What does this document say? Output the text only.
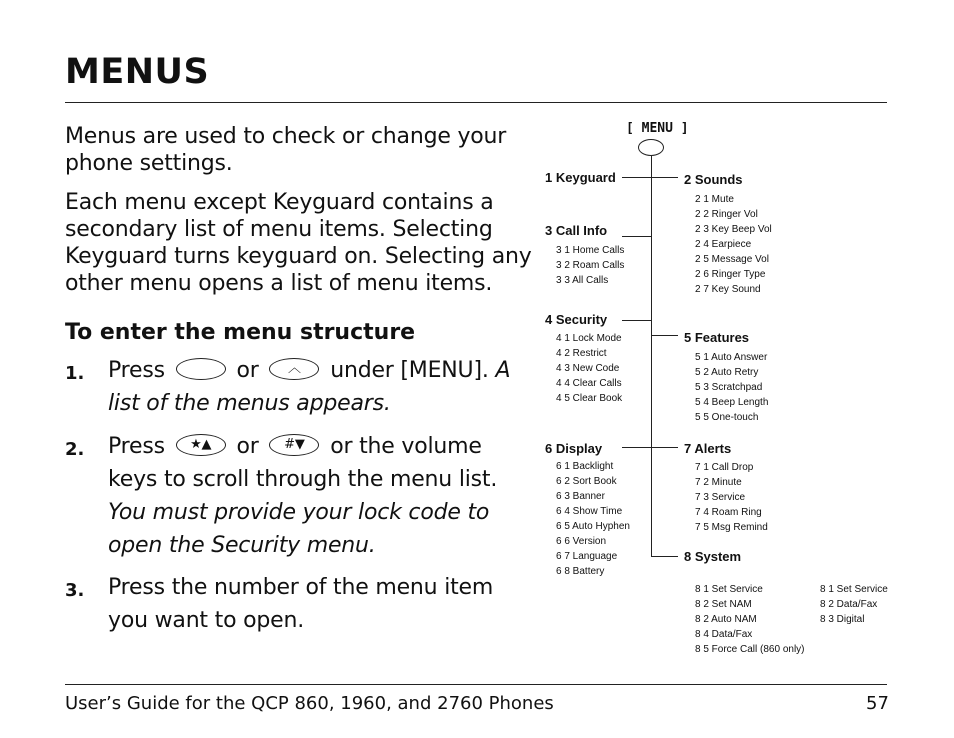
MENUS
Menus are used to check or change your phone settings.
Each menu except Keyguard contains a secondary list of menu items. Selecting Keyguard turns keyguard on. Selecting any other menu opens a list of menu items.
To enter the menu structure
1. Press	or ︿ under [MENU]. A list of the menus appears.
2. Press ★▲ or #▼ or the volume keys to scroll through the menu list. You must provide your lock code to open the Security menu.
3. Press the number of the menu item you want to open.
[ MENU ]
1 Keyguard
3 Call Info
3 1 Home Calls
3 2 Roam Calls
3 3 All Calls
4 Security
4 1 Lock Mode
4 2 Restrict
4 3 New Code
4 4 Clear Calls
4 5 Clear Book
6 Display
6 1 Backlight
6 2 Sort Book
6 3 Banner
6 4 Show Time
6 5 Auto Hyphen
6 6 Version
6 7 Language
6 8 Battery
2 Sounds
2 1 Mute
2 2 Ringer Vol
2 3 Key Beep Vol
2 4 Earpiece
2 5 Message Vol
2 6 Ringer Type
2 7 Key Sound
5 Features
5 1 Auto Answer
5 2 Auto Retry
5 3 Scratchpad
5 4 Beep Length
5 5 One-touch
7 Alerts
7 1 Call Drop
7 2 Minute
7 3 Service
7 4 Roam Ring
7 5 Msg Remind
8 System
8 1 Set Service
8 2 Set NAM
8 2 Auto NAM
8 4 Data/Fax
8 5 Force Call (860 only)
8 1 Set Service
8 2 Data/Fax
8 3 Digital
User’s Guide for the QCP 860, 1960, and 2760 Phones	57
